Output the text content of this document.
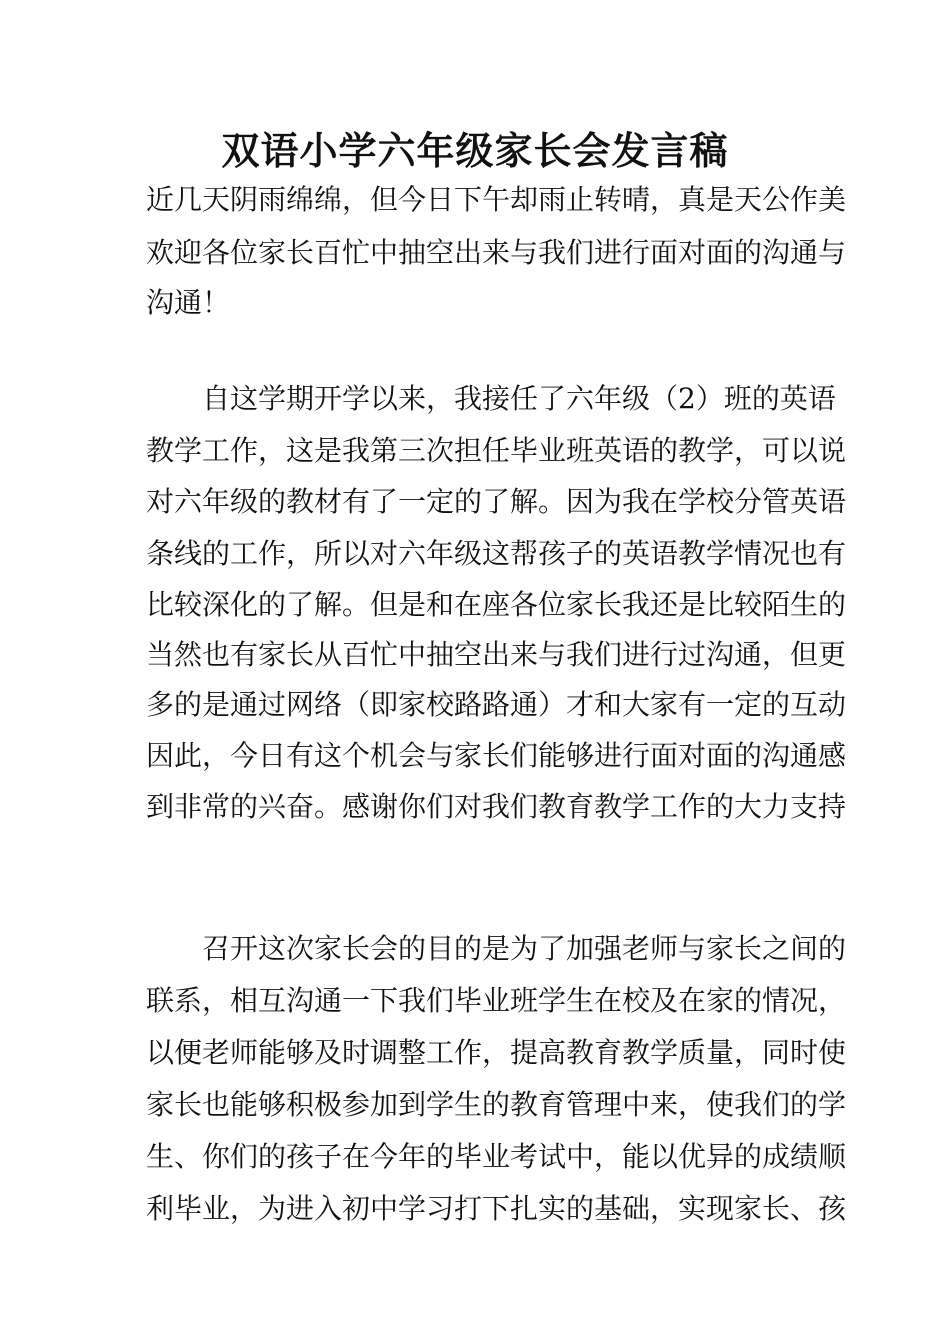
双语小学六年级家长会发言稿
近几天阴雨绵绵，但今日下午却雨止转晴，真是天公作美
欢迎各位家长百忙中抽空出来与我们进行面对面的沟通与
沟通！
　　自这学期开学以来，我接任了六年级（2）班的英语
教学工作，这是我第三次担任毕业班英语的教学，可以说
对六年级的教材有了一定的了解。因为我在学校分管英语
条线的工作，所以对六年级这帮孩子的英语教学情况也有
比较深化的了解。但是和在座各位家长我还是比较陌生的
当然也有家长从百忙中抽空出来与我们进行过沟通，但更
多的是通过网络（即家校路路通）才和大家有一定的互动
因此，今日有这个机会与家长们能够进行面对面的沟通感
到非常的兴奋。感谢你们对我们教育教学工作的大力支持
　　召开这次家长会的目的是为了加强老师与家长之间的
联系，相互沟通一下我们毕业班学生在校及在家的情况，
以便老师能够及时调整工作，提高教育教学质量，同时使
家长也能够积极参加到学生的教育管理中来，使我们的学
生、你们的孩子在今年的毕业考试中，能以优异的成绩顺
利毕业，为进入初中学习打下扎实的基础，实现家长、孩
